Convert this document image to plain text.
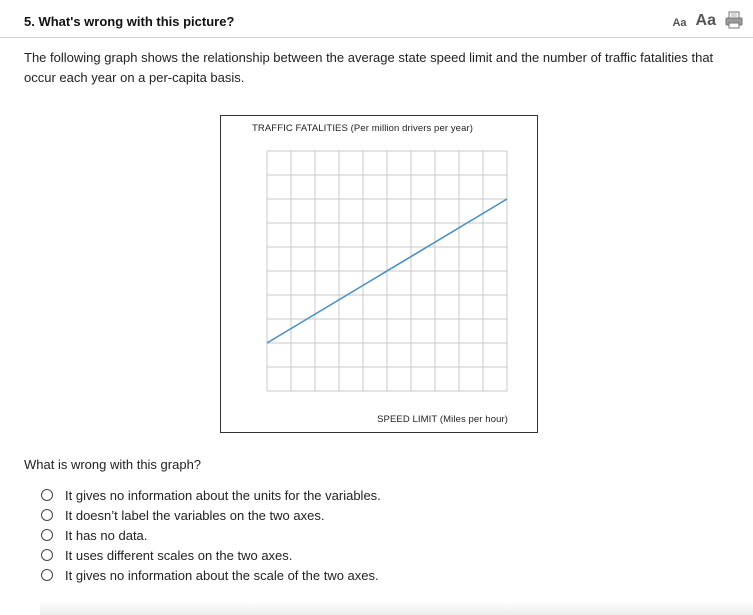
5. What's wrong with this picture?	Aa Aa
The following graph shows the relationship between the average state speed limit and the number of traffic fatalities that occur each year on a per-capita basis.
TRAFFIC FATALITIES (Per million drivers per year)
SPEED LIMIT (Miles per hour)
What is wrong with this graph?
It gives no information about the units for the variables.
It doesn’t label the variables on the two axes.
It has no data.
It uses different scales on the two axes.
It gives no information about the scale of the two axes.
